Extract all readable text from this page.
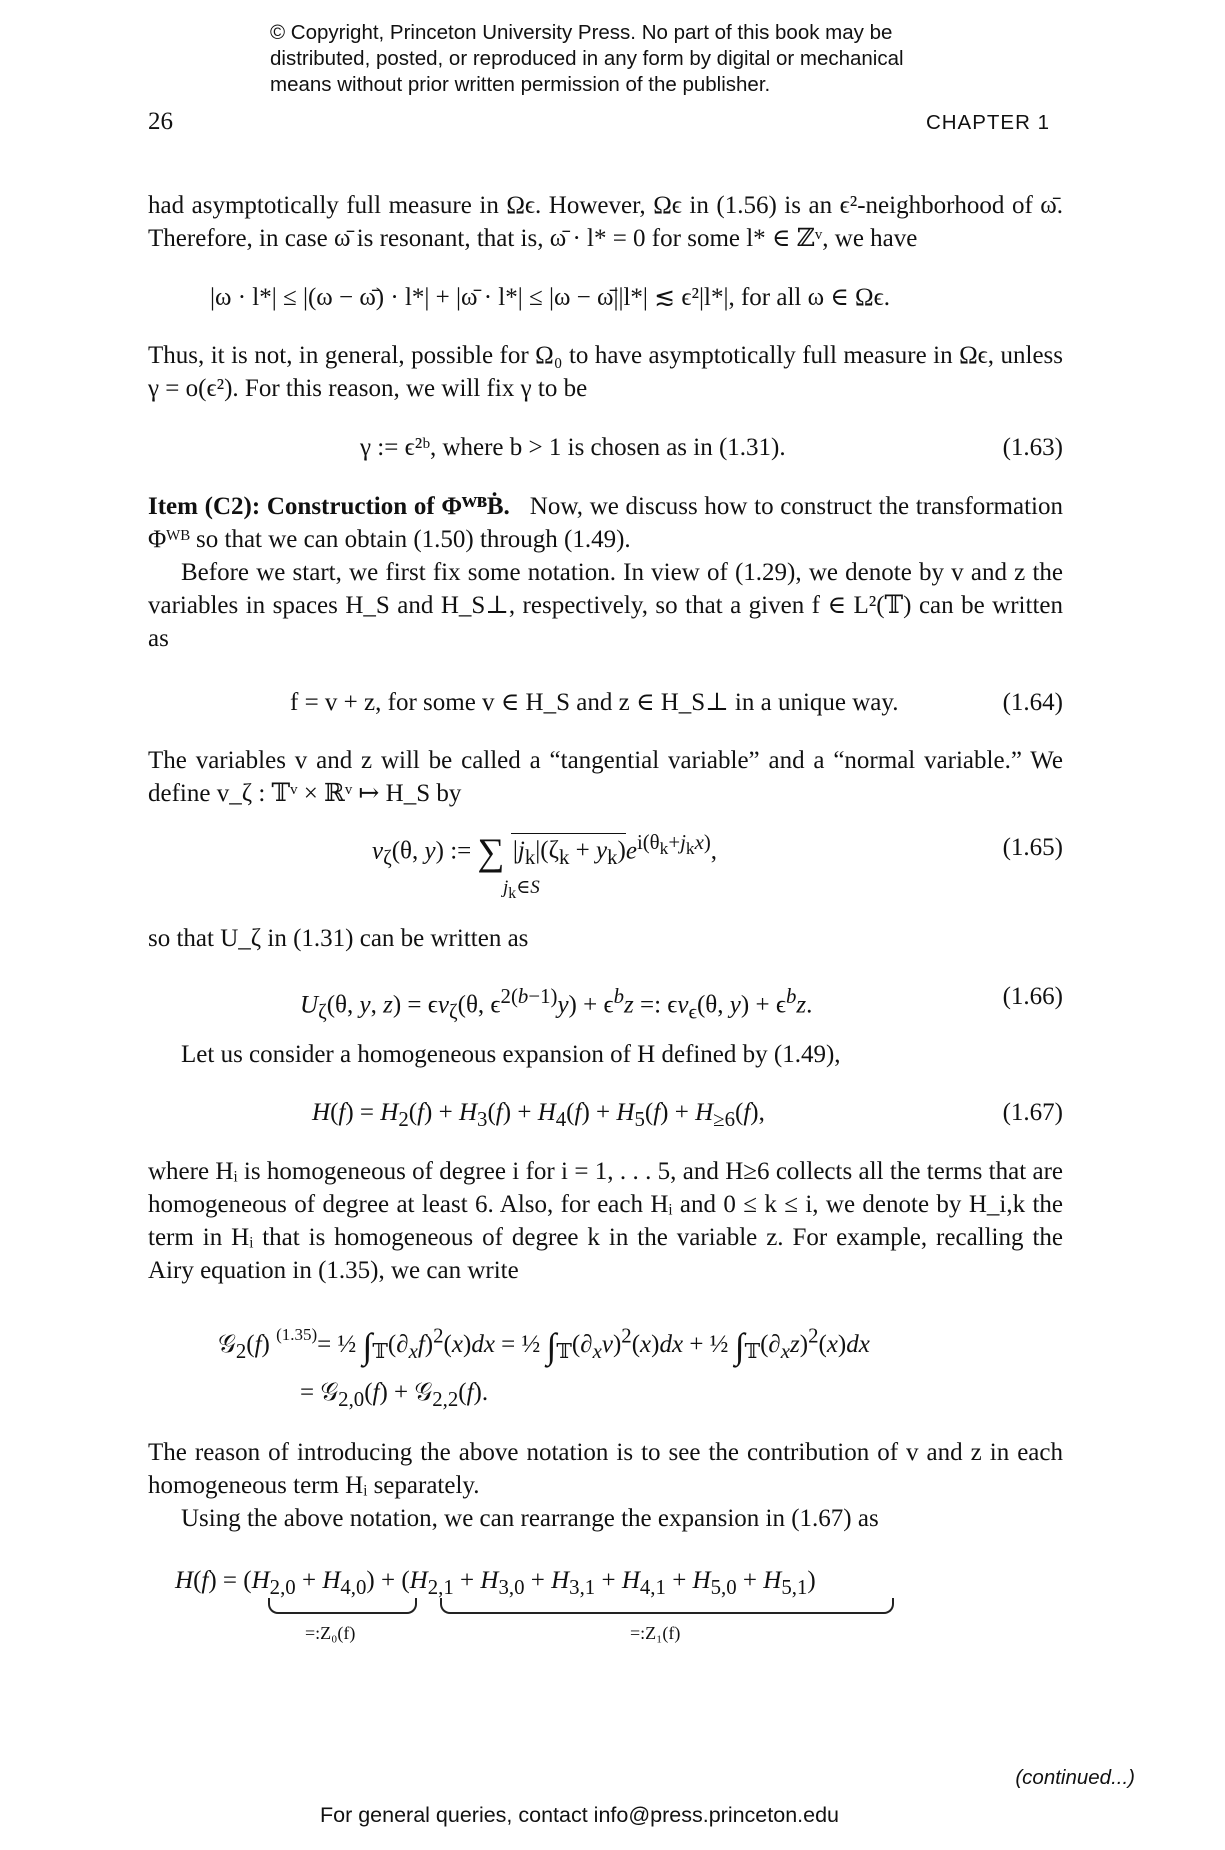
© Copyright, Princeton University Press. No part of this book may be distributed, posted, or reproduced in any form by digital or mechanical means without prior written permission of the publisher.
26	CHAPTER 1

had asymptotically full measure in Ωϵ. However, Ωϵ in (1.56) is an ϵ²-neighborhood of ω̄. Therefore, in case ω̄ is resonant, that is, ω̄ · l* = 0 for some l* ∈ ℤᵛ, we have

|ω · l*| ≤ |(ω − ω̄) · l*| + |ω̄ · l*| ≤ |ω − ω̄||l*| ≲ ϵ²|l*|, for all ω ∈ Ωϵ.

Thus, it is not, in general, possible for Ω₀ to have asymptotically full measure in Ωϵ, unless γ = o(ϵ²). For this reason, we will fix γ to be

γ := ϵ²ᵇ, where b > 1 is chosen as in (1.31).	(1.63)

Item (C2): Construction of ΦᵂᴮḂ. Now, we discuss how to construct the transformation Φᵂᴮ so that we can obtain (1.50) through (1.49).

Before we start, we first fix some notation. In view of (1.29), we denote by v and z the variables in spaces H_S and H_S⊥, respectively, so that a given f ∈ L²(𝕋) can be written as

f = v + z, for some v ∈ H_S and z ∈ H_S⊥ in a unique way.	(1.64)

The variables v and z will be called a “tangential variable” and a “normal variable.” We define v_ζ : 𝕋ᵛ × ℝᵛ ↦ H_S by

$v_\zeta(\theta$, y) := ∑ $|j_k|(\zeta_k + y_k)e^{i(\theta_k+j_kx)}$,
$j_k\in S$
(1.65)

so that U_ζ in (1.31) can be written as

$U_\zeta(\theta$, y, $z) = \epsilon v_\zeta(\theta$, $\epsilon^{2(b-1)}y) + \epsilon^bz$ =: $\epsilon v_\epsilon(\theta$, $y) + \epsilon^bz$.	(1.66)

Let us consider a homogeneous expansion of H defined by (1.49),

$H(f) = H_2(f) + H_3(f) + H_4(f) + H_5(f) + H_{\ge 6}(f)$,	(1.67)

where Hᵢ is homogeneous of degree i for i = 1, . . . 5, and H≥6 collects all the terms that are homogeneous of degree at least 6. Also, for each Hᵢ and 0 ≤ k ≤ i, we denote by H_i,k the term in Hᵢ that is homogeneous of degree k in the variable z. For example, recalling the Airy equation in (1.35), we can write

𝒢$_2$(f) $^{(1.35)}$= ½ $\int_𝕋(\partial_xf)^2(x)dx$ = ½ $\int_𝕋(\partial_xv)^2(x)dx$ + ½ $\int_𝕋(\partial_xz)^2(x)dx$
= 𝒢$_{2,0}$(f) + 𝒢$_{2,2}$(f).

The reason of introducing the above notation is to see the contribution of v and z in each homogeneous term Hᵢ separately.

Using the above notation, we can rearrange the expansion in (1.67) as

$H(f) = (H_{2,0} + H_{4,0}) + (H_{2,1} + H_{3,0} + H_{3,1} + H_{4,1} + H_{5,0} + H_{5,1})$
=:Z₀(f)	=:Z₁(f)
(continued...)
For general queries, contact info@press.princeton.edu
